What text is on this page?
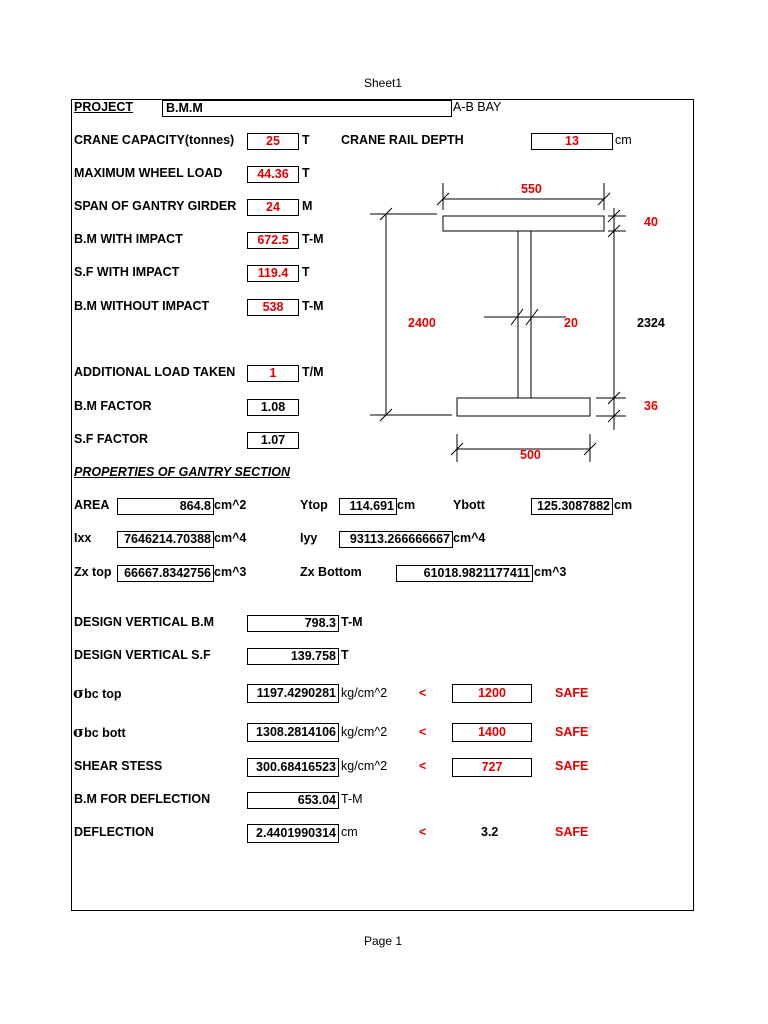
Sheet1
Page 1
PROJECT	B.M.M	A-B BAY
CRANE CAPACITY(tonnes)	25	T	CRANE RAIL DEPTH	13	cm
MAXIMUM WHEEL LOAD	44.36	T
SPAN OF GANTRY GIRDER	24	M
B.M WITH IMPACT	672.5	T-M
S.F WITH IMPACT	119.4	T
B.M WITHOUT IMPACT	538	T-M
ADDITIONAL LOAD TAKEN	1	T/M
B.M FACTOR	1.08
S.F FACTOR	1.07
550
40
2400	20	2324
36
500
PROPERTIES OF GANTRY SECTION
AREA	864.8 cm^2	Ytop	114.691 cm	Ybott	125.3087882 cm
Ixx	7646214.70388 cm^4	Iyy	93113.266666667 cm^4
Zx top	66667.8342756 cm^3	Zx Bottom	61018.9821177411 cm^3
DESIGN VERTICAL B.M	798.3 T-M
DESIGN VERTICAL S.F	139.758 T
σbc top	1197.4290281 kg/cm^2	<	1200	SAFE
σbc bott	1308.2814106 kg/cm^2	<	1400	SAFE
SHEAR STESS	300.68416523 kg/cm^2	<	727	SAFE
B.M FOR DEFLECTION	653.04 T-M
DEFLECTION	2.4401990314 cm	<	3.2	SAFE
